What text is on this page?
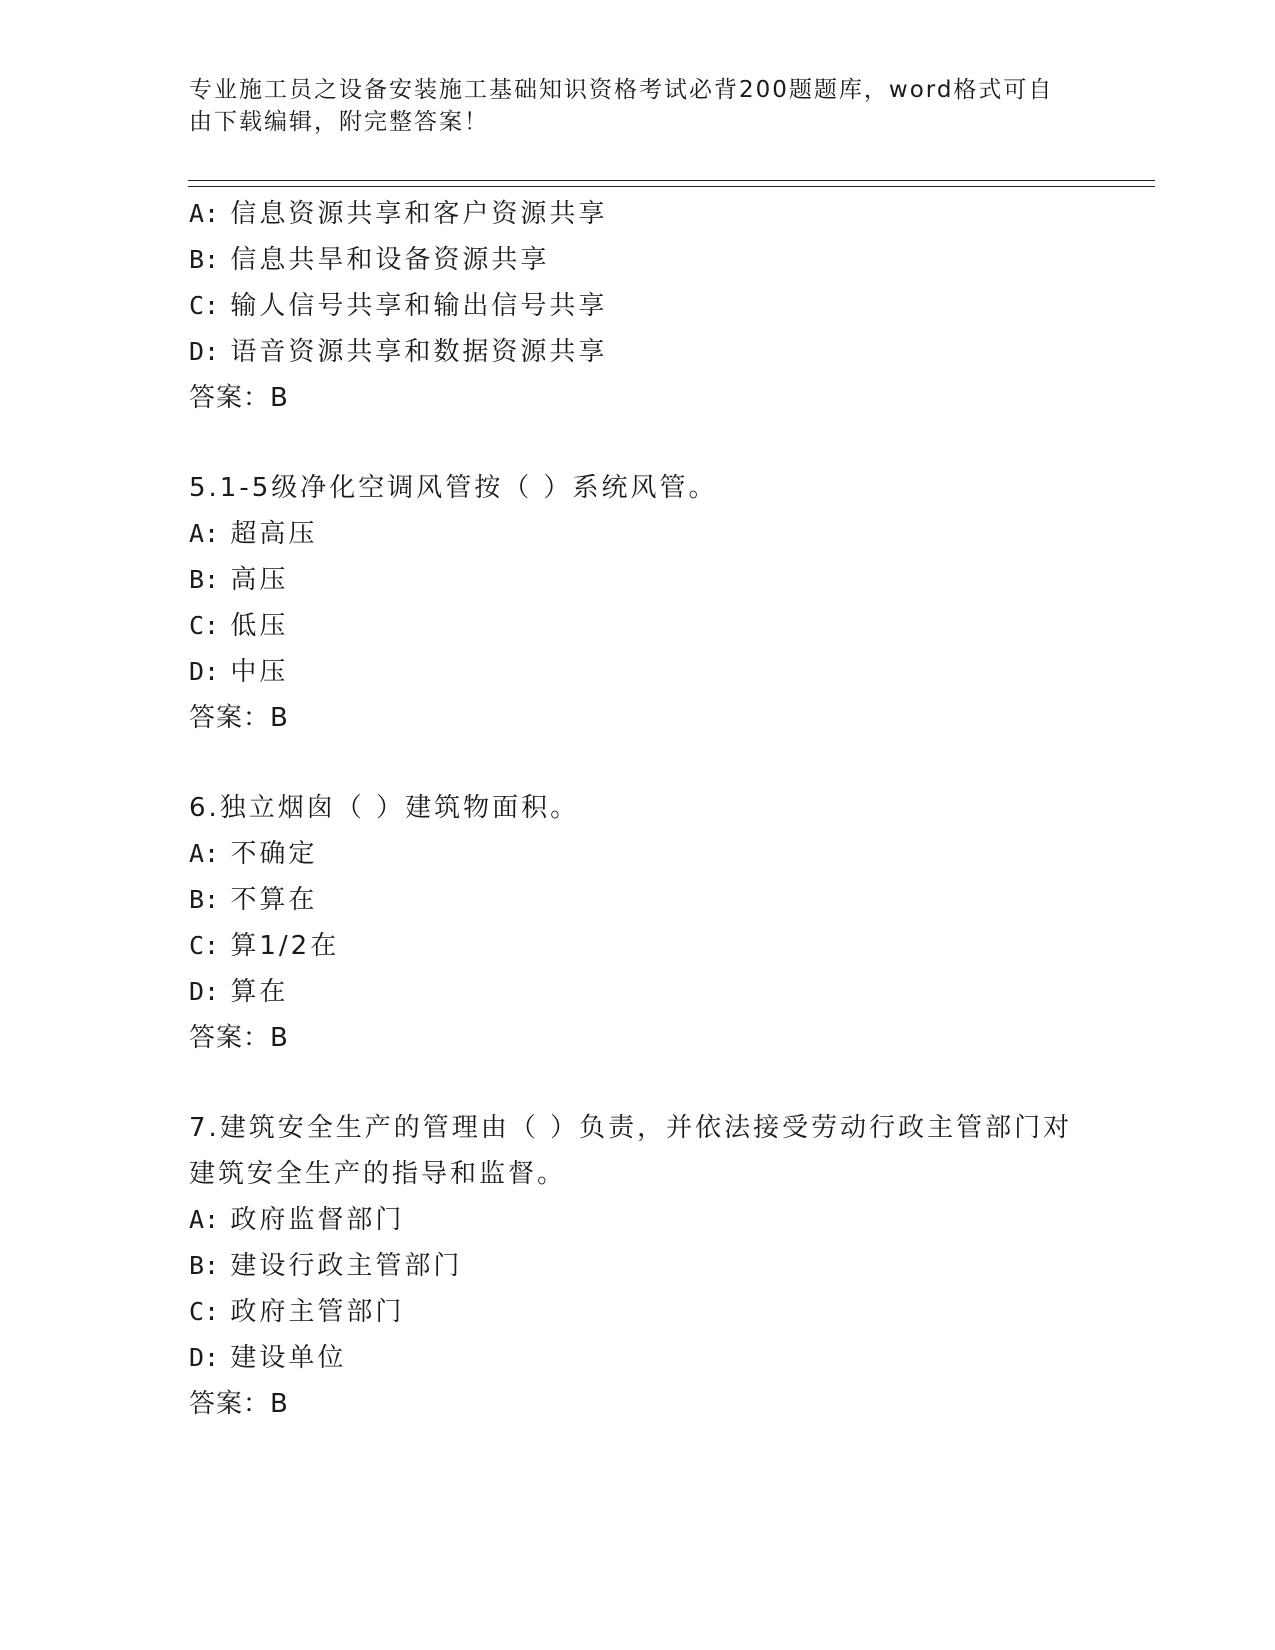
专业施工员之设备安装施工基础知识资格考试必背200题题库，word格式可自由下载编辑，附完整答案！
A: 信息资源共享和客户资源共享
B: 信息共旱和设备资源共享
C: 输人信号共享和输出信号共享
D: 语音资源共享和数据资源共享
答案：B
5.1-5级净化空调风管按（ ）系统风管。
A: 超高压
B: 高压
C: 低压
D: 中压
答案：B
6.独立烟囱（ ）建筑物面积。
A: 不确定
B: 不算在
C: 算1/2在
D: 算在
答案：B
7.建筑安全生产的管理由（ ）负责，并依法接受劳动行政主管部门对建筑安全生产的指导和监督。
A: 政府监督部门
B: 建设行政主管部门
C: 政府主管部门
D: 建设单位
答案：B
